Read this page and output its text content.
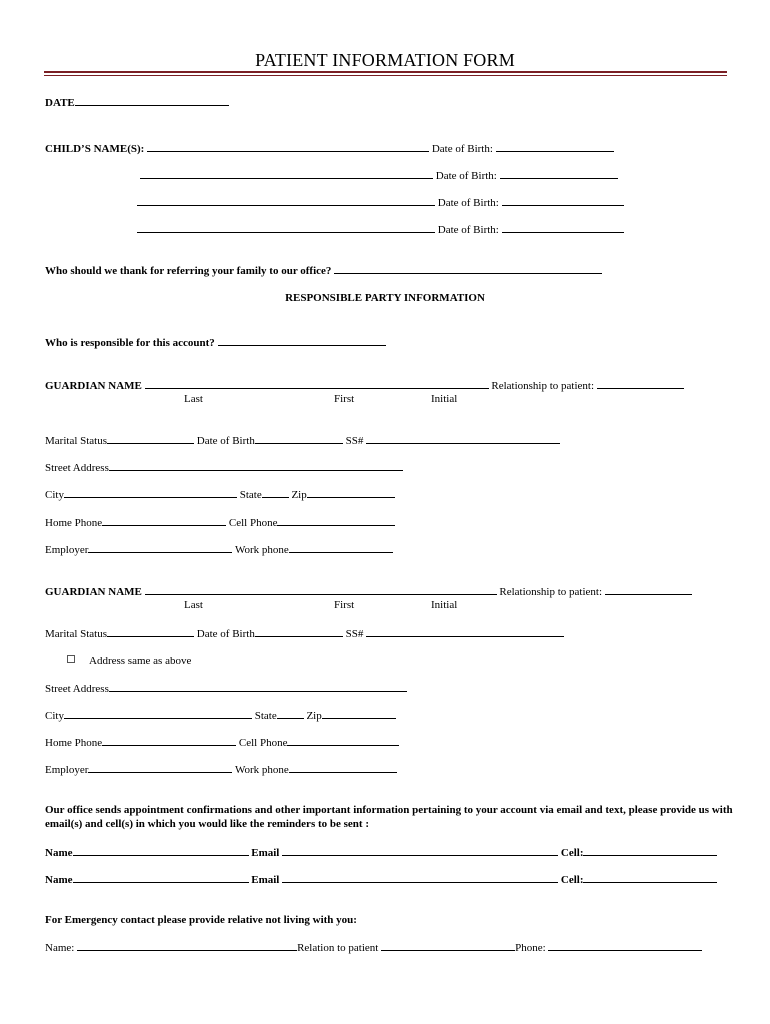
PATIENT INFORMATION FORM
DATE
CHILD’S NAME(S):	Date of Birth:
Date of Birth:
Date of Birth:
Date of Birth:
Who should we thank for referring your family to our office?
RESPONSIBLE PARTY INFORMATION
Who is responsible for this account?
GUARDIAN NAME	Relationship to patient:
Last	First	Initial
Marital Status	Date of Birth	SS#
Street Address
City	State	Zip
Home Phone	Cell Phone
Employer	Work phone
GUARDIAN NAME	Relationship to patient:
Last	First	Initial
Marital Status	Date of Birth	SS#
Address same as above
Street Address
City	State	Zip
Home Phone	Cell Phone
Employer	Work phone
Our office sends appointment confirmations and other important information pertaining to your account via email and text, please provide us with email(s) and cell(s) in which you would like the reminders to be sent :
Name	Email	Cell:
Name	Email	Cell:
For Emergency contact please provide relative not living with you:
Name:	Relation to patient	Phone:
